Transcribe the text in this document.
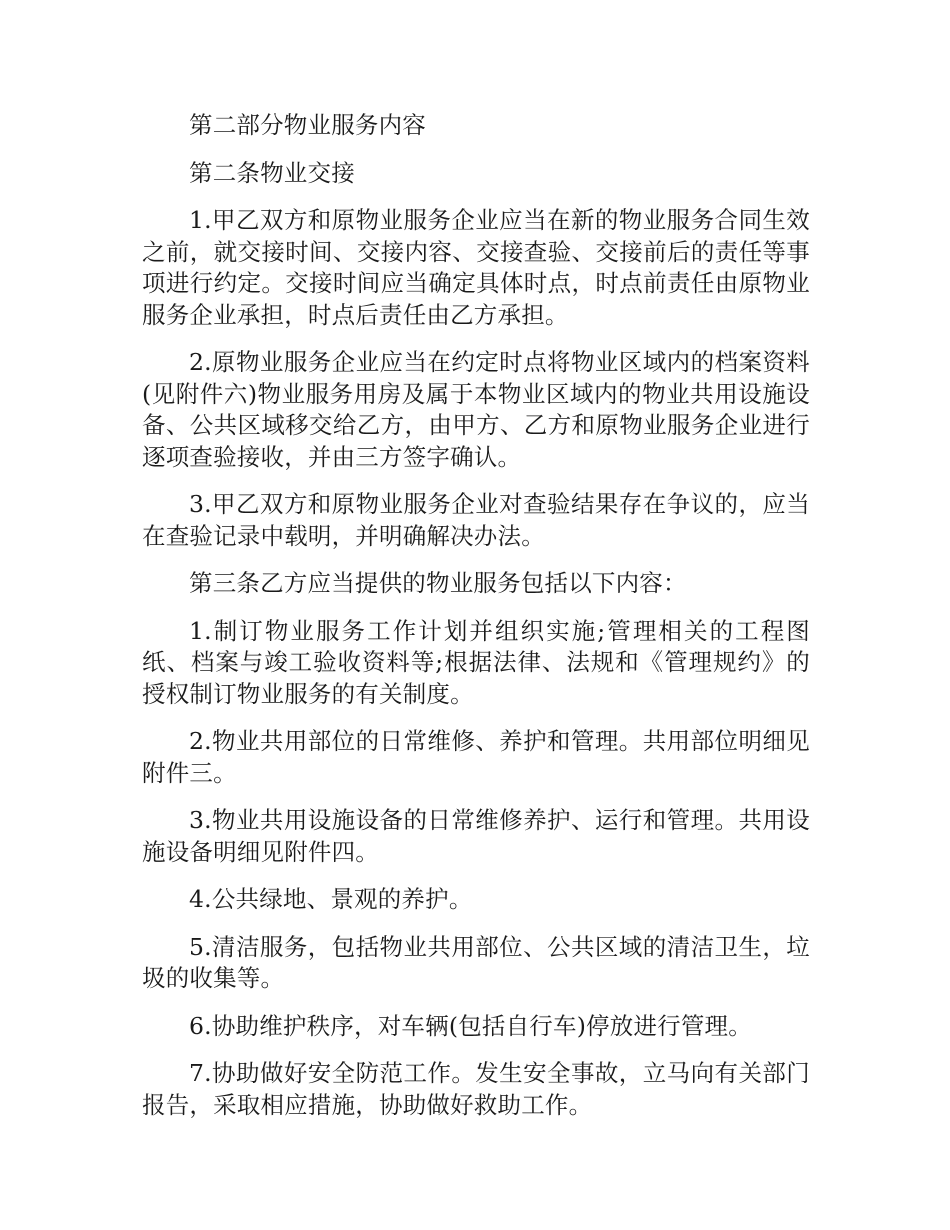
第二部分物业服务内容

第二条物业交接

1.甲乙双方和原物业服务企业应当在新的物业服务合同生效之前，就交接时间、交接内容、交接查验、交接前后的责任等事项进行约定。交接时间应当确定具体时点，时点前责任由原物业服务企业承担，时点后责任由乙方承担。

2.原物业服务企业应当在约定时点将物业区域内的档案资料(见附件六)物业服务用房及属于本物业区域内的物业共用设施设备、公共区域移交给乙方，由甲方、乙方和原物业服务企业进行逐项查验接收，并由三方签字确认。

3.甲乙双方和原物业服务企业对查验结果存在争议的，应当在查验记录中载明，并明确解决办法。

第三条乙方应当提供的物业服务包括以下内容：

1.制订物业服务工作计划并组织实施;管理相关的工程图纸、档案与竣工验收资料等;根据法律、法规和《管理规约》的授权制订物业服务的有关制度。

2.物业共用部位的日常维修、养护和管理。共用部位明细见附件三。

3.物业共用设施设备的日常维修养护、运行和管理。共用设施设备明细见附件四。

4.公共绿地、景观的养护。

5.清洁服务，包括物业共用部位、公共区域的清洁卫生，垃圾的收集等。

6.协助维护秩序，对车辆(包括自行车)停放进行管理。

7.协助做好安全防范工作。发生安全事故，立马向有关部门报告，采取相应措施，协助做好救助工作。
